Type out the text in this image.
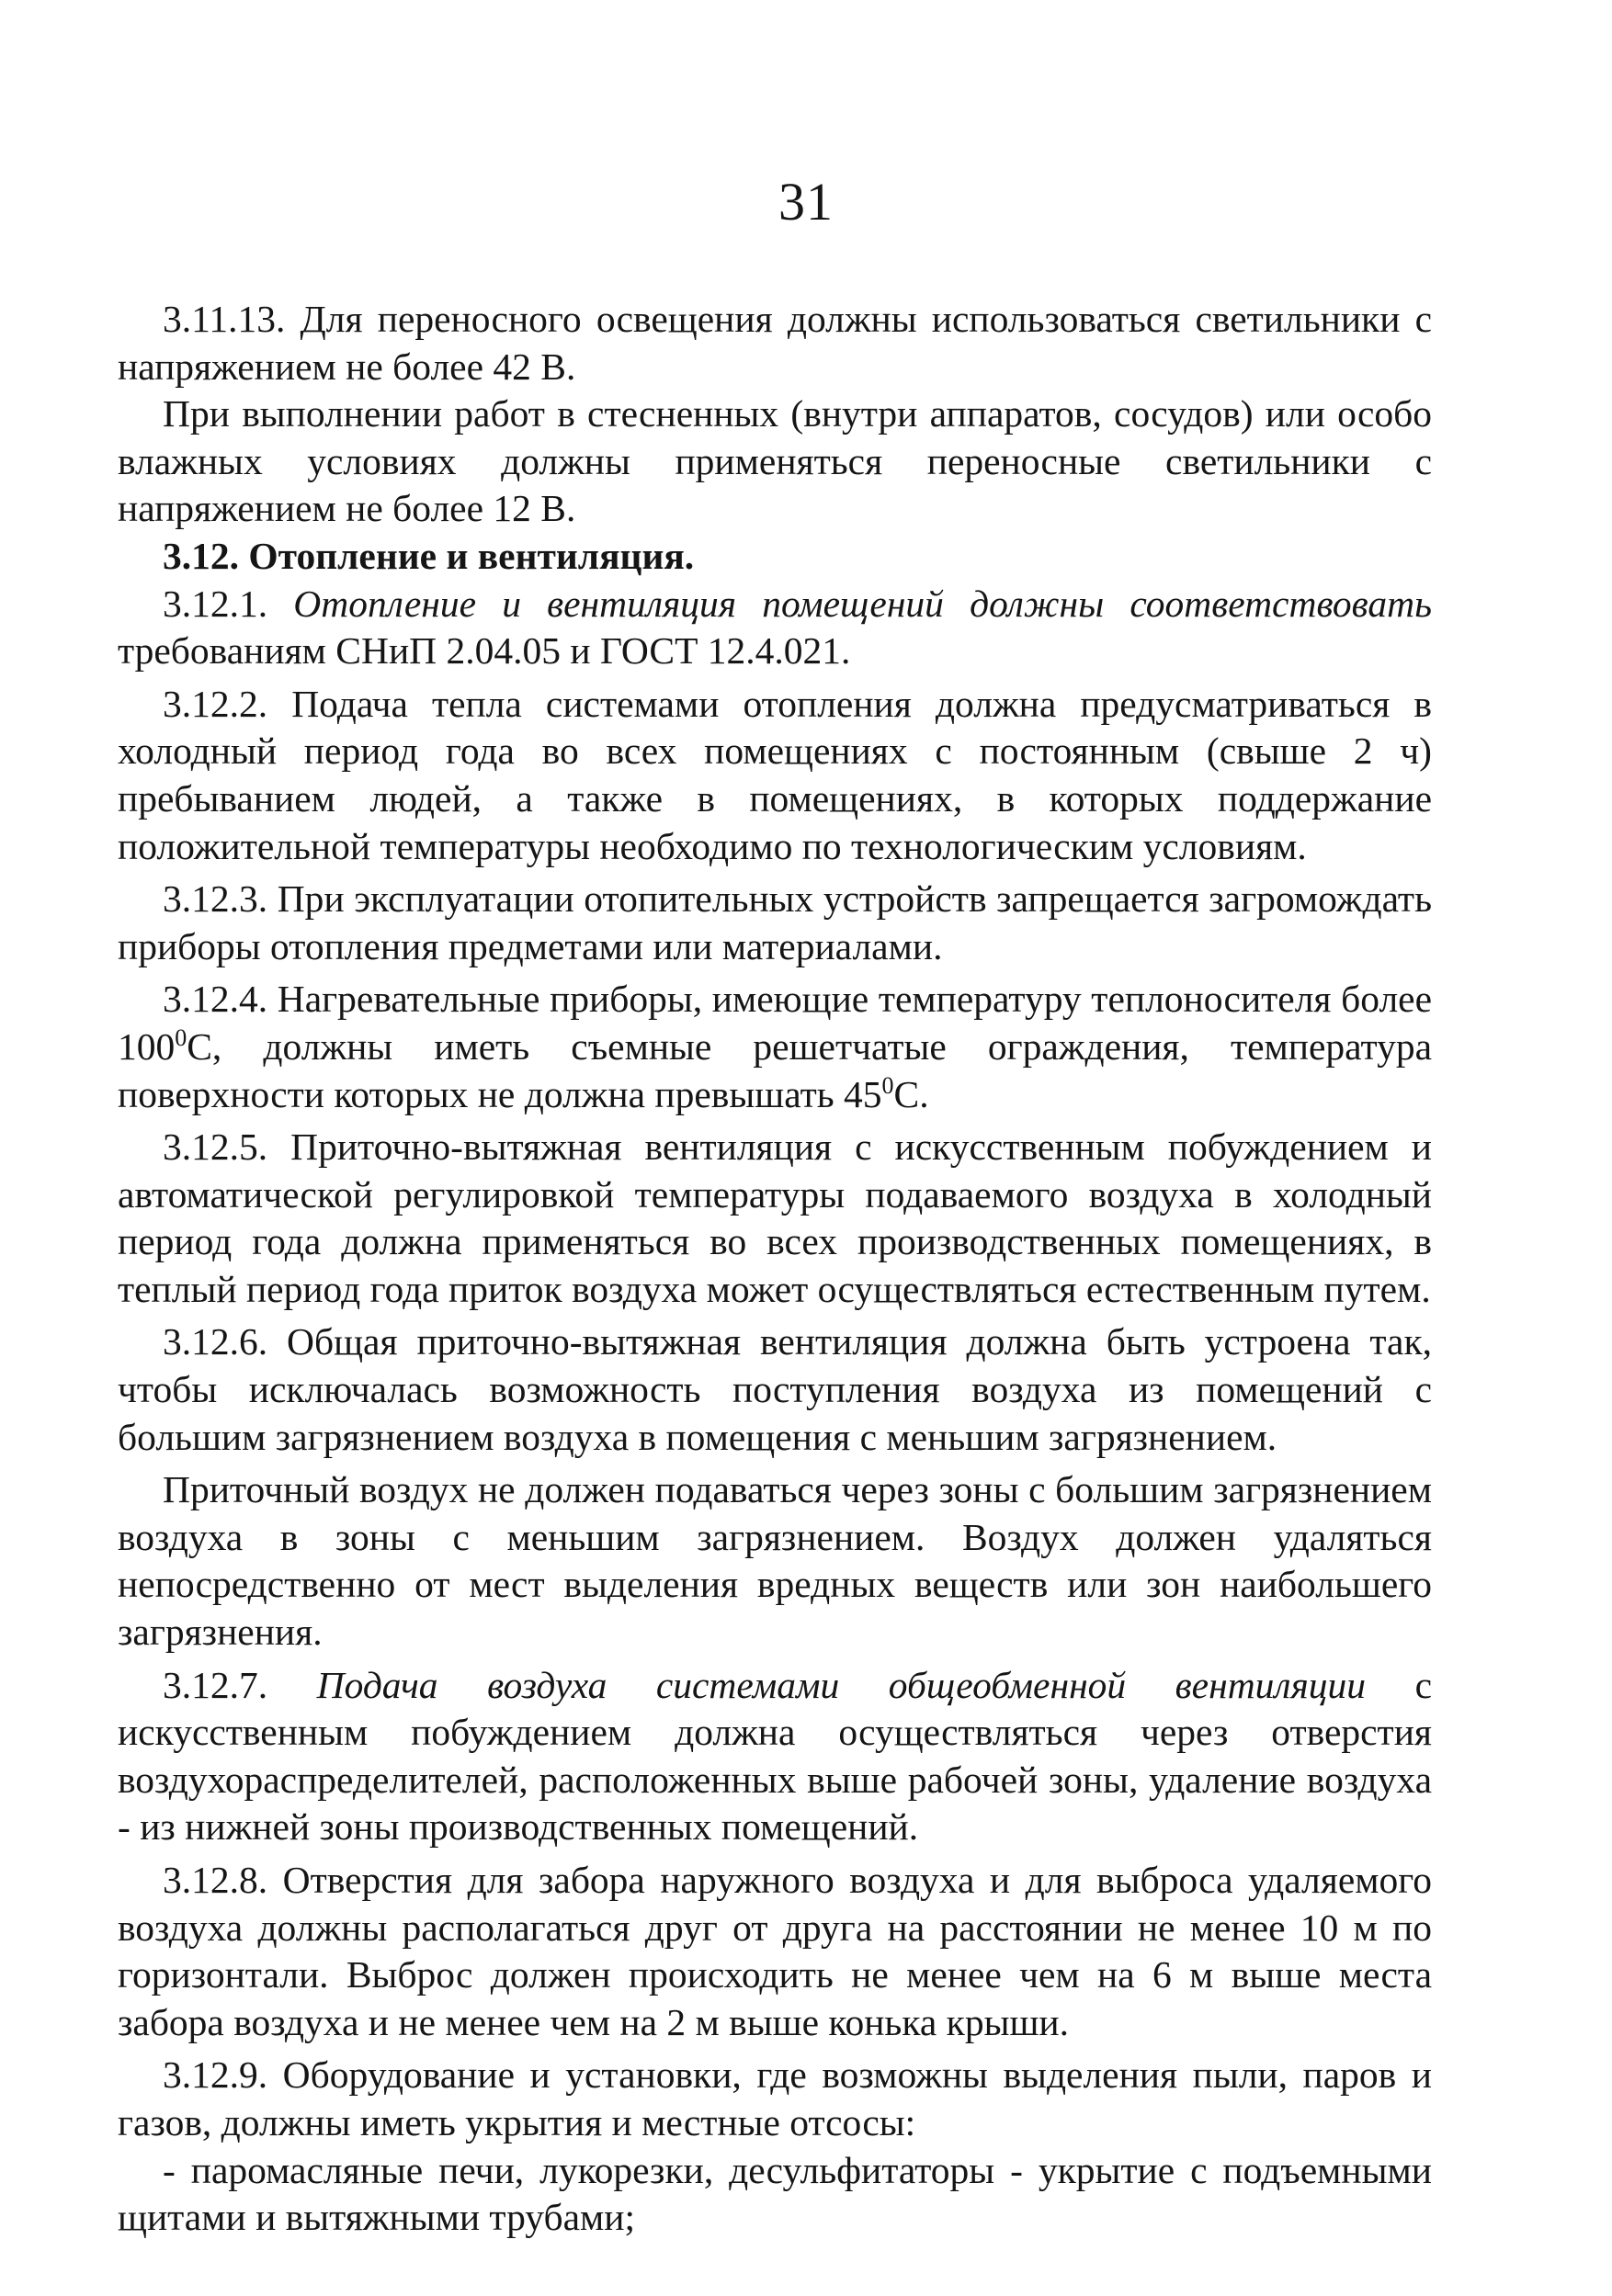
31

3.11.13. Для переносного освещения должны использоваться светильники с напряжением не более 42 В.

При выполнении работ в стесненных (внутри аппаратов, сосудов) или особо влажных условиях должны применяться переносные светильники с напряжением не более 12 В.

3.12. Отопление и вентиляция.

3.12.1. Отопление и вентиляция помещений должны соответствовать требованиям СНиП 2.04.05 и ГОСТ 12.4.021.

3.12.2. Подача тепла системами отопления должна предусматриваться в холодный период года во всех помещениях с постоянным (свыше 2 ч) пребыванием людей, а также в помещениях, в которых поддержание положительной температуры необходимо по технологическим условиям.

3.12.3. При эксплуатации отопительных устройств запрещается загромождать приборы отопления предметами или материалами.

3.12.4. Нагревательные приборы, имеющие температуру теплоносителя более $100^0С$, должны иметь съемные решетчатые ограждения, температура поверхности которых не должна превышать $45^0С$.

3.12.5. Приточно-вытяжная вентиляция с искусственным побуждением и автоматической регулировкой температуры подаваемого воздуха в холодный период года должна применяться во всех производственных помещениях, в теплый период года приток воздуха может осуществляться естественным путем.

3.12.6. Общая приточно-вытяжная вентиляция должна быть устроена так, чтобы исключалась возможность поступления воздуха из помещений с большим загрязнением воздуха в помещения с меньшим загрязнением.

Приточный воздух не должен подаваться через зоны с большим загрязнением воздуха в зоны с меньшим загрязнением. Воздух должен удаляться непосредственно от мест выделения вредных веществ или зон наибольшего загрязнения.

3.12.7. Подача воздуха системами общеобменной вентиляции с искусственным побуждением должна осуществляться через отверстия воздухораспределителей, расположенных выше рабочей зоны, удаление воздуха - из нижней зоны производственных помещений.

3.12.8. Отверстия для забора наружного воздуха и для выброса удаляемого воздуха должны располагаться друг от друга на расстоянии не менее 10 м по горизонтали. Выброс должен происходить не менее чем на 6 м выше места забора воздуха и не менее чем на 2 м выше конька крыши.

3.12.9. Оборудование и установки, где возможны выделения пыли, паров и газов, должны иметь укрытия и местные отсосы:

- паромасляные печи, лукорезки, десульфитаторы - укрытие с подъемными щитами и вытяжными трубами;
